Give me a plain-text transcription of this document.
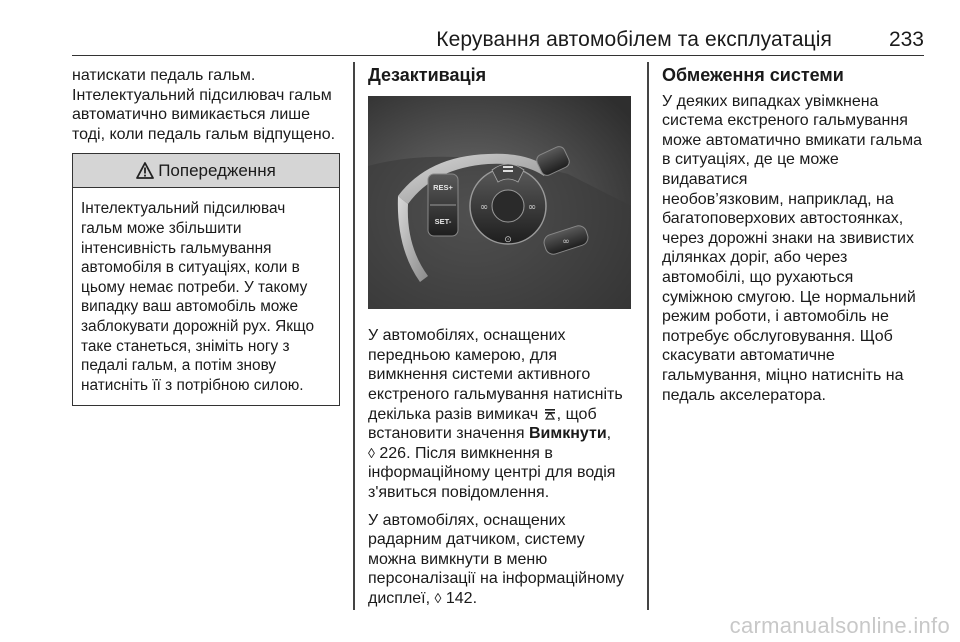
Керування автомобілем та експлуатація	233
натискати педаль гальм.
Інтелектуальний підсилювач гальм
автоматично вимикається лише
тоді, коли педаль гальм відпущено.
Попередження
Інтелектуальний підсилювач
гальм може збільшити
інтенсивність гальмування
автомобіля в ситуаціях, коли в
цьому немає потреби. У такому
випадку ваш автомобіль може
заблокувати дорожній рух. Якщо
таке станеться, зніміть ногу з
педалі гальм, а потім знову
натисніть її з потрібною силою.
Дезактивація
RES+
SET-
∞	∞
⊙	∞
У автомобілях, оснащених
передньою камерою, для
вимкнення системи активного
екстреного гальмування натисніть
декілька разів вимикач , щоб
встановити значення Вимкнути,
◊ 226. Після вимкнення в
інформаційному центрі для водія
з'явиться повідомлення.
У автомобілях, оснащених
радарним датчиком, систему
можна вимкнути в меню
персоналізації на інформаційному
дисплеї, ◊ 142.
Обмеження системи
У деяких випадках увімкнена
система екстреного гальмування
може автоматично вмикати гальма
в ситуаціях, де це може видаватися
необов’язковим, наприклад, на
багатоповерхових автостоянках,
через дорожні знаки на звивистих
ділянках доріг, або через
автомобілі, що рухаються
суміжною смугою. Це нормальний
режим роботи, і автомобіль не
потребує обслуговування. Щоб
скасувати автоматичне
гальмування, міцно натисніть на
педаль акселератора.
carmanualsonline.info
